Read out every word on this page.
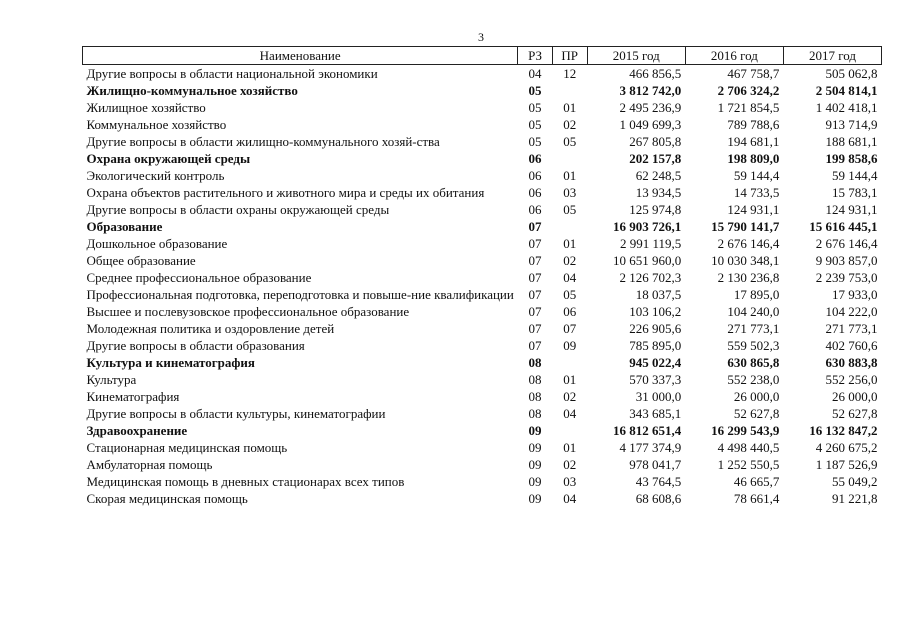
3
Наименование	РЗ	ПР	2015 год	2016 год	2017 год
Другие вопросы в области национальной экономики	04	12	466 856,5	467 758,7	505 062,8
Жилищно-коммунальное хозяйство	05		3 812 742,0	2 706 324,2	2 504 814,1
Жилищное хозяйство	05	01	2 495 236,9	1 721 854,5	1 402 418,1
Коммунальное хозяйство	05	02	1 049 699,3	789 788,6	913 714,9
Другие вопросы в области жилищно-коммунального хозяй-ства	05	05	267 805,8	194 681,1	188 681,1
Охрана окружающей среды	06		202 157,8	198 809,0	199 858,6
Экологический контроль	06	01	62 248,5	59 144,4	59 144,4
Охрана объектов растительного и животного мира и среды их обитания	06	03	13 934,5	14 733,5	15 783,1
Другие вопросы в области охраны окружающей среды	06	05	125 974,8	124 931,1	124 931,1
Образование	07		16 903 726,1	15 790 141,7	15 616 445,1
Дошкольное образование	07	01	2 991 119,5	2 676 146,4	2 676 146,4
Общее образование	07	02	10 651 960,0	10 030 348,1	9 903 857,0
Среднее профессиональное образование	07	04	2 126 702,3	2 130 236,8	2 239 753,0
Профессиональная подготовка, переподготовка и повыше-ние квалификации	07	05	18 037,5	17 895,0	17 933,0
Высшее и послевузовское профессиональное образование	07	06	103 106,2	104 240,0	104 222,0
Молодежная политика и оздоровление детей	07	07	226 905,6	271 773,1	271 773,1
Другие вопросы в области образования	07	09	785 895,0	559 502,3	402 760,6
Культура и кинематография	08		945 022,4	630 865,8	630 883,8
Культура	08	01	570 337,3	552 238,0	552 256,0
Кинематография	08	02	31 000,0	26 000,0	26 000,0
Другие вопросы в области культуры, кинематографии	08	04	343 685,1	52 627,8	52 627,8
Здравоохранение	09		16 812 651,4	16 299 543,9	16 132 847,2
Стационарная медицинская помощь	09	01	4 177 374,9	4 498 440,5	4 260 675,2
Амбулаторная помощь	09	02	978 041,7	1 252 550,5	1 187 526,9
Медицинская помощь в дневных стационарах всех типов	09	03	43 764,5	46 665,7	55 049,2
Скорая медицинская помощь	09	04	68 608,6	78 661,4	91 221,8
